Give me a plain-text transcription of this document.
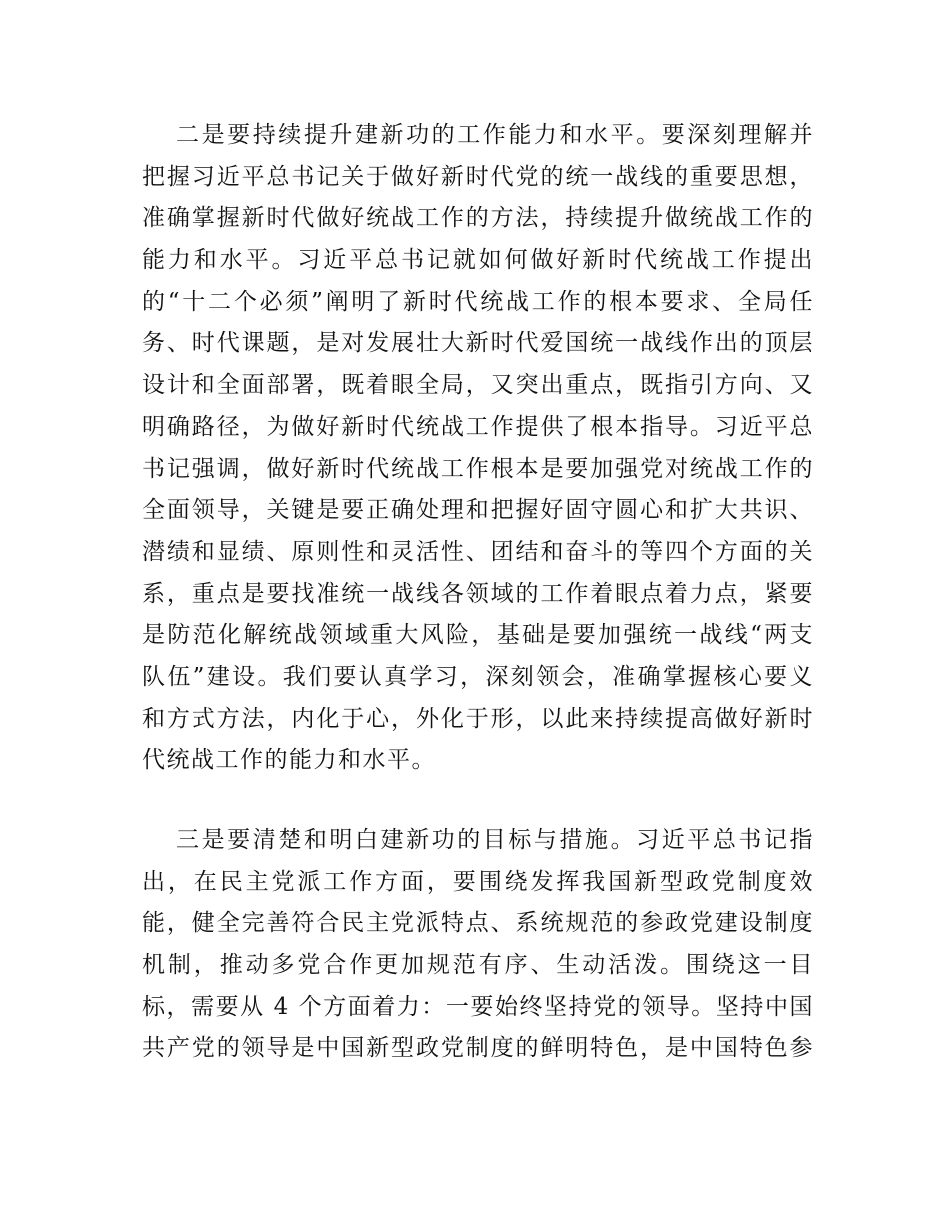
二是要持续提升建新功的工作能力和水平。要深刻理解并
把握习近平总书记关于做好新时代党的统一战线的重要思想，
准确掌握新时代做好统战工作的方法，持续提升做统战工作的
能力和水平。习近平总书记就如何做好新时代统战工作提出
的“十二个必须”阐明了新时代统战工作的根本要求、全局任
务、时代课题，是对发展壮大新时代爱国统一战线作出的顶层
设计和全面部署，既着眼全局，又突出重点，既指引方向、又
明确路径，为做好新时代统战工作提供了根本指导。习近平总
书记强调，做好新时代统战工作根本是要加强党对统战工作的
全面领导，关键是要正确处理和把握好固守圆心和扩大共识、
潜绩和显绩、原则性和灵活性、团结和奋斗的等四个方面的关
系，重点是要找准统一战线各领域的工作着眼点着力点，紧要
是防范化解统战领域重大风险，基础是要加强统一战线“两支
队伍”建设。我们要认真学习，深刻领会，准确掌握核心要义
和方式方法，内化于心，外化于形，以此来持续提高做好新时
代统战工作的能力和水平。
三是要清楚和明白建新功的目标与措施。习近平总书记指
出，在民主党派工作方面，要围绕发挥我国新型政党制度效
能，健全完善符合民主党派特点、系统规范的参政党建设制度
机制，推动多党合作更加规范有序、生动活泼。围绕这一目
标，需要从 4 个方面着力：一要始终坚持党的领导。坚持中国
共产党的领导是中国新型政党制度的鲜明特色，是中国特色参
